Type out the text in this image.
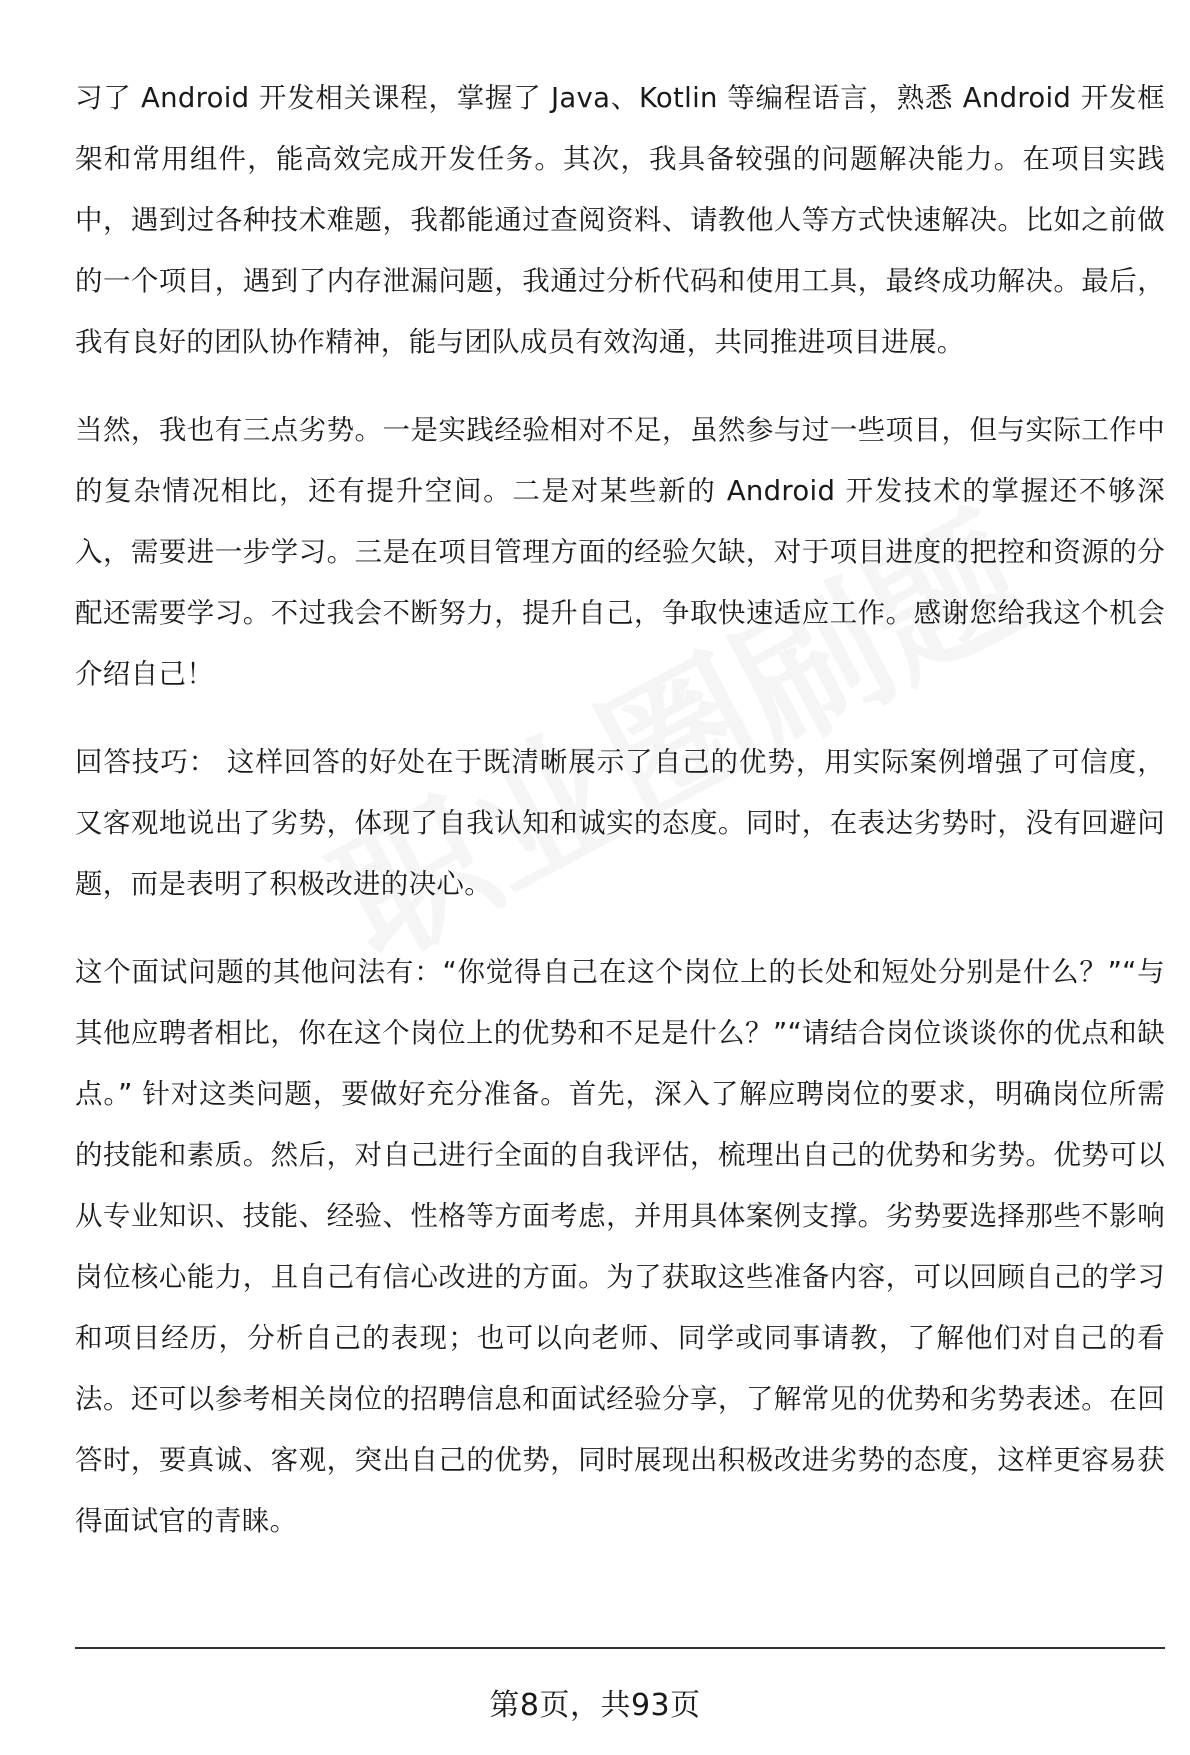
习了 Android 开发相关课程，掌握了 Java、Kotlin 等编程语言，熟悉 Android 开发框架和常用组件，能高效完成开发任务。其次，我具备较强的问题解决能力。在项目实践中，遇到过各种技术难题，我都能通过查阅资料、请教他人等方式快速解决。比如之前做的一个项目，遇到了内存泄漏问题，我通过分析代码和使用工具，最终成功解决。最后，我有良好的团队协作精神，能与团队成员有效沟通，共同推进项目进展。

当然，我也有三点劣势。一是实践经验相对不足，虽然参与过一些项目，但与实际工作中的复杂情况相比，还有提升空间。二是对某些新的 Android 开发技术的掌握还不够深入，需要进一步学习。三是在项目管理方面的经验欠缺，对于项目进度的把控和资源的分配还需要学习。不过我会不断努力，提升自己，争取快速适应工作。感谢您给我这个机会介绍自己！

回答技巧： 这样回答的好处在于既清晰展示了自己的优势，用实际案例增强了可信度，又客观地说出了劣势，体现了自我认知和诚实的态度。同时，在表达劣势时，没有回避问题，而是表明了积极改进的决心。

这个面试问题的其他问法有：“你觉得自己在这个岗位上的长处和短处分别是什么？”“与其他应聘者相比，你在这个岗位上的优势和不足是什么？”“请结合岗位谈谈你的优点和缺点。” 针对这类问题，要做好充分准备。首先，深入了解应聘岗位的要求，明确岗位所需的技能和素质。然后，对自己进行全面的自我评估，梳理出自己的优势和劣势。优势可以从专业知识、技能、经验、性格等方面考虑，并用具体案例支撑。劣势要选择那些不影响岗位核心能力，且自己有信心改进的方面。为了获取这些准备内容，可以回顾自己的学习和项目经历，分析自己的表现；也可以向老师、同学或同事请教，了解他们对自己的看法。还可以参考相关岗位的招聘信息和面试经验分享，了解常见的优势和劣势表述。在回答时，要真诚、客观，突出自己的优势，同时展现出积极改进劣势的态度，这样更容易获得面试官的青睐。

第8页，共93页
